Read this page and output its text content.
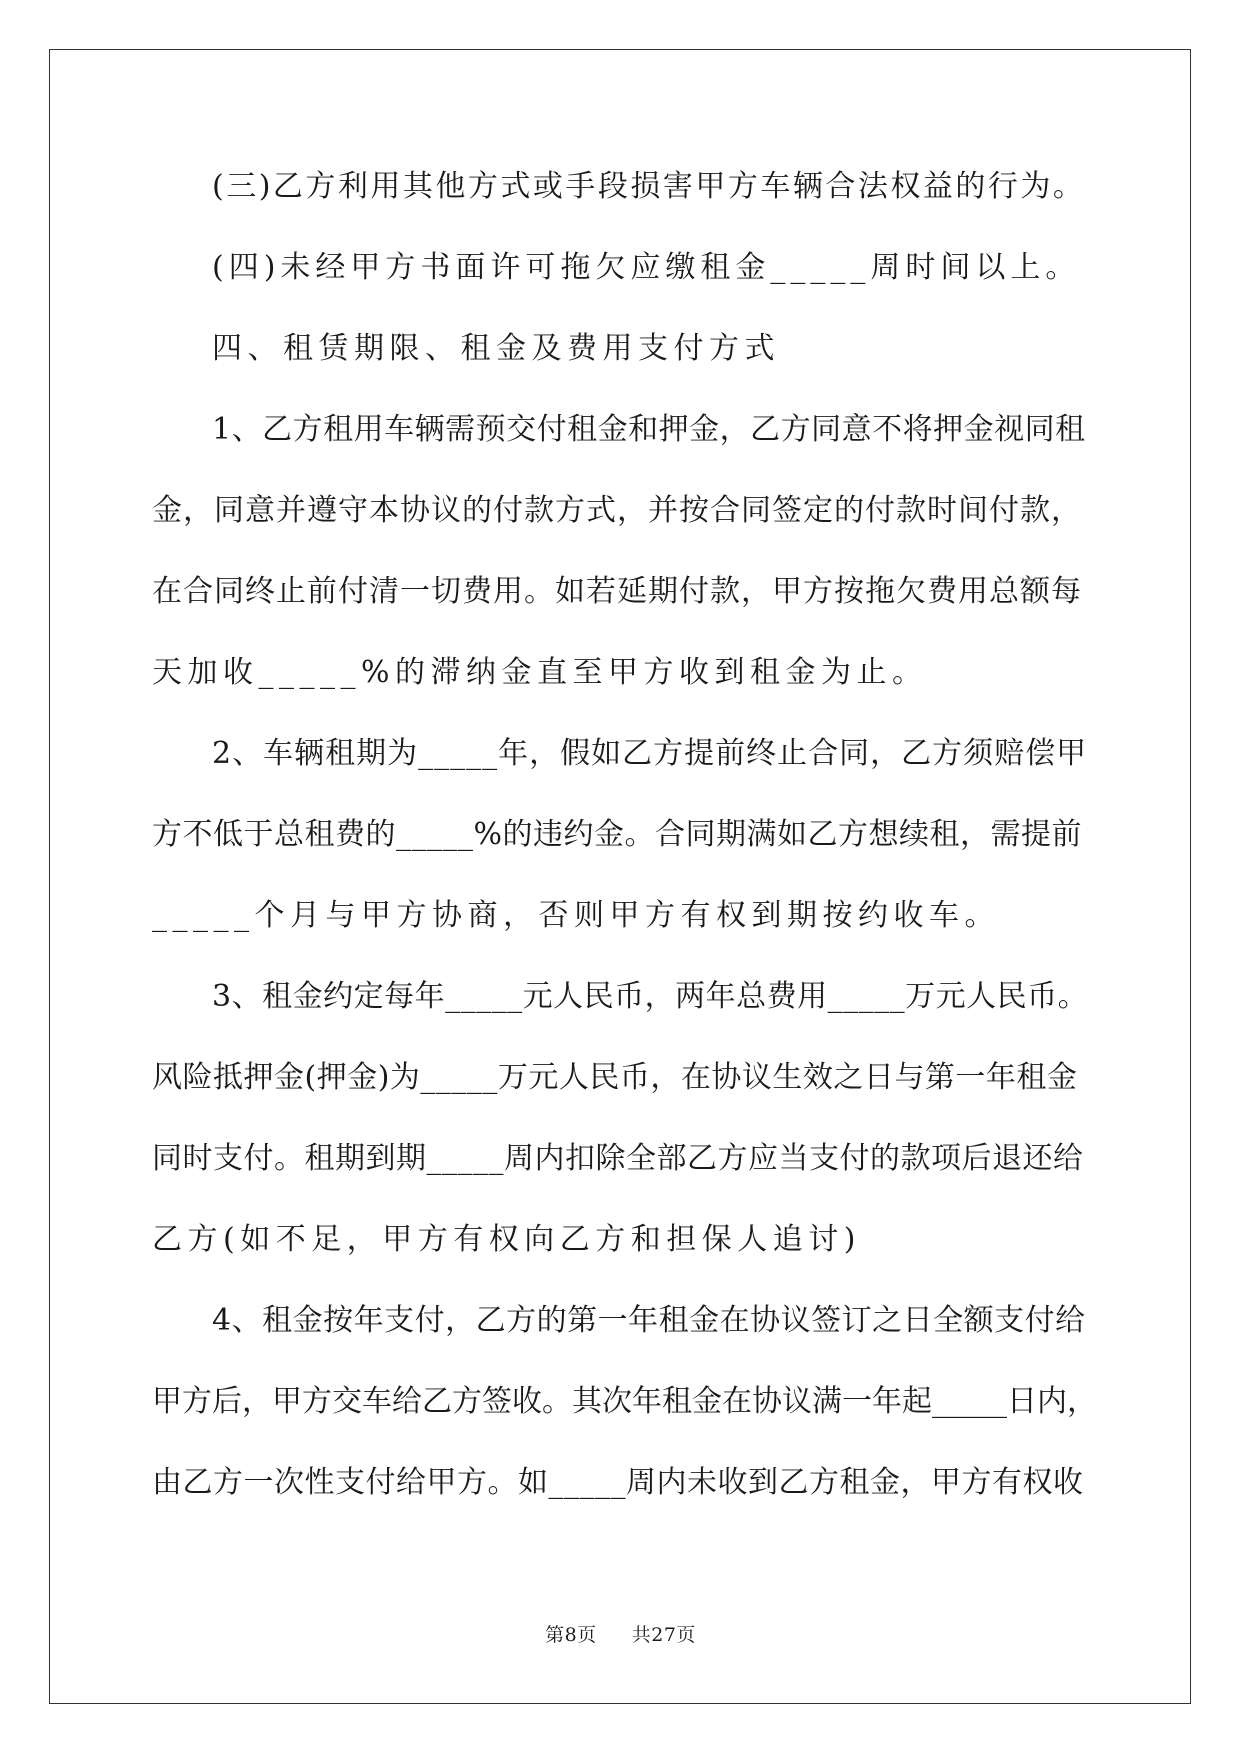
(三)乙方利用其他方式或手段损害甲方车辆合法权益的行为。
(四)未经甲方书面许可拖欠应缴租金_____周时间以上。
四、租赁期限、租金及费用支付方式
1、乙方租用车辆需预交付租金和押金，乙方同意不将押金视同租
金，同意并遵守本协议的付款方式，并按合同签定的付款时间付款，
在合同终止前付清一切费用。如若延期付款，甲方按拖欠费用总额每
天加收_____%的滞纳金直至甲方收到租金为止。
2、车辆租期为_____年，假如乙方提前终止合同，乙方须赔偿甲
方不低于总租费的_____%的违约金。合同期满如乙方想续租，需提前
_____个月与甲方协商，否则甲方有权到期按约收车。
3、租金约定每年_____元人民币，两年总费用_____万元人民币。
风险抵押金(押金)为_____万元人民币，在协议生效之日与第一年租金
同时支付。租期到期_____周内扣除全部乙方应当支付的款项后退还给
乙方(如不足，甲方有权向乙方和担保人追讨)
4、租金按年支付，乙方的第一年租金在协议签订之日全额支付给
甲方后，甲方交车给乙方签收。其次年租金在协议满一年起_____日内，
由乙方一次性支付给甲方。如_____周内未收到乙方租金，甲方有权收
第8页 共27页
